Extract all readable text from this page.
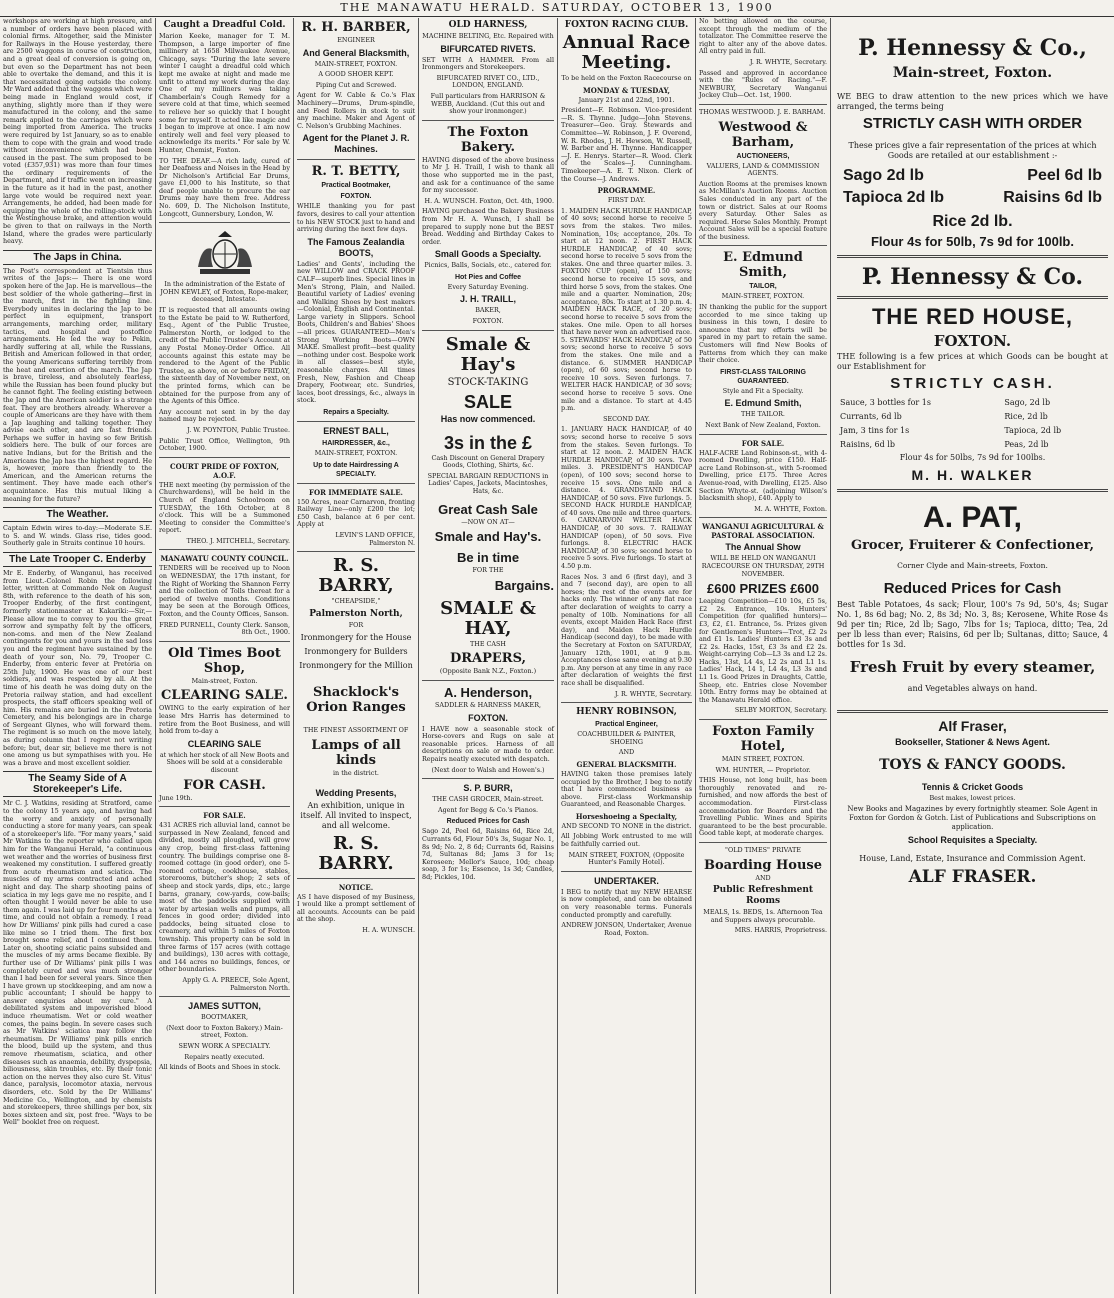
THE MANAWATU HERALD. SATURDAY, OCTOBER 13, 1900

workshops are working at high pressure, and a number of orders have been placed with colonial firms. Altogether, said the Minister for Railways in the House yesterday, there are 2500 waggons in course of construction, and a great deal of conversion is going on, but even so the Department has not been able to overtake the demand, and this it is that necessitated going outside the colony. Mr Ward added that the waggons which were being made in England would cost, if anything, slightly more than if they were manufactured in the colony, and the same remark applied to the carriages which were being imported from America. The trucks were required by 1st January, so as to enable them to cope with the grain and wood trade without inconvenience which had been caused in the past. The sum proposed to be voted (£357,931) was more than four times the ordinary requirements of the Department, and if traffic went on increasing in the future as it had in the past, another large vote would be required next year. Arrangements, he added, had been made for equipping the whole of the rolling-stock with the Westinghouse brake, and attention would be given to that on railways in the North Island, where the grades were particularly heavy.

The Japs in China.

The Post's correspondent at Tientsin thus writes of the Japs:— There is one word spoken here of the Jap. He is marvellous—the best soldier of the whole gathering—first in the march, first in the fighting line. Everybody unites in declaring the Jap to be perfect in equipment, transport arrangements, marching order, military tactics, and hospital and postoffice arrangements. He led the way to Pekin, hardly suffering at all, while the Russians, British and American followed in that order, the young Americans suffering terribly from the heat and exertion of the march. The Jap is brave, tireless, and absolutely fearless, while the Russian has been found plucky but he cannot fight. The feeling existing between the Jap and the American soldier is a strange feat. They are brothers already. Wherever a couple of Americans are they have with them a Jap laughing and talking together. They advise each other, and are fast friends. Perhaps we suffer in having so few British soldiers here. The bulk of our forces are native Indians, but for the British and the Americans the Jap has the highest regard. He is, however, more than friendly to the American, and the American returns the sentiment. They have made each other's acquaintance. Has this mutual liking a meaning for the future?

The Weather.

Captain Edwin wires to-day:—Moderate S.E. to S. and W. winds. Glass rise, tides good. Southerly gale in Straits continue 10 hours.

The Late Trooper C. Enderby

Mr E. Enderby, of Wanganui, has received from Lieut.-Colonel Robin the following letter, written at Commando Nek on August 8th, with reference to the death of his son, Trooper Enderby, of the first contingent, formerly stationmaster at Kakariki:—Sir,—Please allow me to convey to you the great sorrow and sympathy felt by the officers, non-coms. and men of the New Zealand contingents for you and yours in the sad loss you and the regiment have sustained by the death of your son, No. 79, Trooper C. Enderby, from enteric fever at Pretoria on 25th July, 1900. He was one of our best soldiers, and was respected by all. At the time of his death he was doing duty on the Pretoria railway station, and had excellent prospects, the staff officers speaking well of him. His remains are buried in the Pretoria Cemetery, and his belongings are in charge of Sergeant Glynes, who will forward them. The regiment is so much on the move lately, as during column that I regret not writing before; but, dear sir, believe me there is not one among us but sympathises with you. He was a brave and most excellent soldier.

The Seamy Side of A Storekeeper's Life.

Mr C. J. Watkins, residing at Stratford, came to the colony 15 years ago, and having had the worry and anxiety of personally conducting a store for many years, can speak of a storekeeper's life. "For many years," said Mr Watkins to the reporter who called upon him for the Wanganui Herald, "a continuous wet weather and the worries of business first weakened my constitution. I suffered greatly from acute rheumatism and sciatica. The muscles of my arms contracted and ached night and day. The sharp shooting pains of sciatica in my legs gave me no respite, and I often thought I would never be able to use them again. I was laid up for four months at a time, and could not obtain a remedy. I read how Dr Williams' pink pills had cured a case like mine so I tried them. The first box brought some relief, and I continued them. Later on, shooting sciatic pains subsided and the muscles of my arms became flexible. By further use of Dr Williams' pink pills I was completely cured and was much stronger than I had been for several years. Since then I have grown up stockkeeping, and am now a public accountant; I should be happy to answer enquiries about my cure." A debilitated system and impoverished blood induce rheumatism. Wet or cold weather comes, the pains begin. In severe cases such as Mr Watkins' sciatica may follow the rheumatism. Dr Williams' pink pills enrich the blood, build up the system, and thus remove rheumatism, sciatica, and other diseases such as anaemia, debility, dyspepsia, biliousness, skin troubles, etc. By their tonic action on the nerves they also cure St. Vitus' dance, paralysis, locomotor ataxia, nervous disorders, etc. Sold by the Dr Williams' Medicine Co., Wellington, and by chemists and storekeepers, three shillings per box, six boxes sixteen and six, post free. "Ways to be Well" booklet free on request.

Caught a Dreadful Cold.

Marion Keeke, manager for T. M. Thompson, a large importer of fine millinery at 1658 Milwaukee Avenue, Chicago, says: "During the late severe winter I caught a dreadful cold which kept me awake at night and made me unfit to attend my work during the day. One of my milliners was taking Chamberlain's Cough Remedy for a severe cold at that time, which seemed to relieve her so quickly that I bought some for myself. It acted like magic and I began to improve at once. I am now entirely well and feel very pleased to acknowledge its merits." For sale by W. Hunter, Chemist, Foxton.

TO THE DEAF.—A rich lady, cured of her Deafness and Noises in the Head by Dr Nicholson's Artificial Ear Drums, gave £1,000 to his Institute, so that deaf people unable to procure the ear Drums may have them free. Address No. 609, D. The Nicholson Institute, Longcott, Gunnersbury, London, W.

In the administration of the Estate of JOHN KEWLEY, of Foxton, Rope-maker, deceased, Intestate.

IT is requested that all amounts owing to the Estate be paid to W. Rutherford, Esq., Agent of the Public Trustee, Palmerston North, or lodged to the credit of the Public Trustee's Account at any Postal Money-Order Office. All accounts against this estate may be rendered to the Agent of the Public Trustee, as above, on or before FRIDAY, the sixteenth day of November next, on the printed forms, which can be obtained for the purpose from any of the Agents of this Office.

Any account not sent in by the day named may be rejected.

J. W. POYNTON, Public Trustee.

Public Trust Office, Wellington, 9th October, 1900.

COURT PRIDE OF FOXTON, A.O.F.

THE next meeting (by permission of the Churchwardens), will be held in the Church of England Schoolroom on TUESDAY, the 16th October, at 8 o'clock. This will be a Summoned Meeting to consider the Committee's report.

THEO. J. MITCHELL, Secretary.

MANAWATU COUNTY COUNCIL.

TENDERS will be received up to Noon on WEDNESDAY, the 17th instant, for the Right of Working the Shannon Ferry and the collection of Tolls thereat for a period of twelve months. Conditions may be seen at the Borough Offices, Foxton, and the County Offices, Sanson.

FRED PURNELL, County Clerk. Sanson, 8th Oct., 1900.

Old Times Boot Shop,
Main-street, Foxton.
CLEARING SALE.

OWING to the early expiration of her lease Mrs Harris has determined to retire from the Boot Business, and will hold from to-day a

CLEARING SALE

at which her stock of all New Boots and Shoes will be sold at a considerable discount

FOR CASH.
June 19th.
FOR SALE.

431 ACRES rich alluvial land, cannot be surpassed in New Zealand, fenced and divided, mostly all ploughed, will grow any crop, being first-class fattening country. The buildings comprise one 8-roomed cottage (in good order), one 5-roomed cottage, cookhouse, stables, storerooms, butcher's shop; 2 sets of sheep and stock yards, dips, etc.; large barns, granary, cow-yards, cow-bails; most of the paddocks supplied with water by artesian wells and pumps, all fences in good order; divided into paddocks, being situated close to creamery, and within 5 miles of Foxton township. This property can be sold in three farms of 157 acres (with cottage and buildings), 130 acres with cottage, and 144 acres no buildings, fences, or other boundaries.

Apply G. A. PREECE, Sole Agent, Palmerston North.

JAMES SUTTON,
BOOTMAKER,
(Next door to Foxton Bakery.) Main-street, Foxton.
SEWN WORK A SPECIALTY.
Repairs neatly executed.
All kinds of Boots and Shoes in stock.
R. H. BARBER,
ENGINEER
And General Blacksmith,
MAIN-STREET, FOXTON.
A GOOD SHOER KEPT.
Piping Cut and Screwed.

Agent for W. Cable & Co.'s Flax Machinery—Drums, Drum-spindle, and Feed Rollers in stock to suit any machine. Maker and Agent of C. Nelson's Grubbing Machines.

Agent for the Planet J. R. Machines.
R. T. BETTY,
Practical Bootmaker,
FOXTON.

WHILE thanking you for past favors, desires to call your attention to his NEW STOCK just to hand and arriving during the next few days.

The Famous Zealandia BOOTS,

Ladies' and Gents', including the new WILLOW and CRACK PROOF CALF—superb lines. Special lines in Men's Strong, Plain, and Nailed. Beautiful variety of Ladies' evening and Walking Shoes by best makers—Colonial, English and Continental. Large variety in Slippers. School Boots, Children's and Babies' Shoes—all prices. GUARANTEED—Men's Strong Working Boots—OWN MAKE. Smallest profit—best quality—nothing under cost. Bespoke work in all classes—best style, reasonable charges. All times Fresh, New, Fashion and Cheap Drapery, Footwear, etc. Sundries, laces, boot dressings, &c., always in stock.

Repairs a Specialty.
ERNEST BALL,
HAIRDRESSER, &c.,
MAIN-STREET, FOXTON.
Up to date Hairdressing A SPECIALTY.
FOR IMMEDIATE SALE.

150 Acres, near Carnarvon, fronting Railway Line—only £200 the lot; £50 Cash, balance at 6 per cent. Apply at

LEVIN'S LAND OFFICE, Palmerston N.

R. S. BARRY,
"CHEAPSIDE,"
Palmerston North,
FOR
Ironmongery for the House
Ironmongery for Builders
Ironmongery for the Million
Shacklock's Orion Ranges
THE FINEST ASSORTMENT OF
Lamps of all kinds
in the district.
Wedding Presents,

An exhibition, unique in itself. All invited to inspect, and all welcome.

R. S. BARRY.
NOTICE.

AS I have disposed of my Business, I would like a prompt settlement of all accounts. Accounts can be paid at the shop.

H. A. WUNSCH.

OLD HARNESS,
MACHINE BELTING, Etc. Repaired with
BIFURCATED RIVETS.

SET WITH A HAMMER. From all Ironmongers and Storekeepers.

BIFURCATED RIVET CO., LTD., LONDON, ENGLAND.
Full particulars from HARRISON & WEBB, Auckland. (Cut this out and show your ironmonger.)
The Foxton Bakery.

HAVING disposed of the above business to Mr J. H. Traill, I wish to thank all those who supported me in the past, and ask for a continuance of the same for my successor.

H. A. WUNSCH. Foxton, Oct. 4th, 1900.

HAVING purchased the Bakery Business from Mr H. A. Wunsch, I shall be prepared to supply none but the BEST Bread. Wedding and Birthday Cakes to order.

Small Goods a Specialty.
Picnics, Balls, Socials, etc., catered for.
Hot Pies and Coffee
Every Saturday Evening.
J. H. TRAILL,
BAKER,
FOXTON.
Smale & Hay's
STOCK-TAKING
SALE
Has now commenced.
3s in the £

Cash Discount on General Drapery Goods, Clothing, Shirts, &c.

SPECIAL BARGAIN REDUCTIONS in Ladies' Capes, Jackets, Macintoshes, Hats, &c.

Great Cash Sale
—NOW ON AT—
Smale and Hay's.
Be in time
FOR THE
Bargains.
SMALE & HAY,
THE CASH
DRAPERS,
(Opposite Bank N.Z., Foxton.)
A. Henderson,
SADDLER & HARNESS MAKER,
FOXTON.

I HAVE now a seasonable stock of Horse-covers and Rugs on sale at reasonable prices. Harness of all descriptions on sale or made to order. Repairs neatly executed with despatch.

(Next door to Walsh and Howen's.)
S. P. BURR,
THE CASH GROCER, Main-street.
Agent for Begg & Co.'s Pianos.
Reduced Prices for Cash

Sago 2d, Peel 6d, Raisins 6d, Rice 2d, Currants 6d, Flour 50's 3s, Sugar No. 1, 8s 9d; No. 2, 8 6d; Currants 6d, Raisins 7d, Sultanas 8d; Jams 3 for 1s; Keroseen; Mellor's Sauce, 10d; cheap soap, 3 for 1s; Essence, 1s 3d; Candles, 8d; Pickles, 10d.

FOXTON RACING CLUB.
Annual Race Meeting.
To be held on the Foxton Racecourse on
MONDAY & TUESDAY,
January 21st and 22nd, 1901.

President—F. Robinson. Vice-president—R. S. Thynne. Judge—John Stevens. Treasurer—Geo. Gray. Stewards and Committee—W. Robinson, J. F. Overend, W. R. Rhodes, J. H. Hewson, W. Russell, W. Barber and H. Thynne. Handicapper—J. E. Henrys. Starter—R. Wood. Clerk of the Scales—J. Cunningham. Timekeeper—A. E. T. Nixon. Clerk of the Course—J. Andrews.

PROGRAMME.
FIRST DAY.

1. MAIDEN HACK HURDLE HANDICAP, of 40 sovs; second horse to receive 5 sovs from the stakes. Two miles. Nomination, 10s; acceptance, 20s. To start at 12 noon. 2. FIRST HACK HURDLE HANDICAP, of 40 sovs; second horse to receive 5 sovs from the stakes. One and three quarter miles. 3. FOXTON CUP (open), of 150 sovs; second horse to receive 15 sovs, and third horse 5 sovs, from the stakes. One mile and a quarter. Nomination, 20s; acceptance, 80s. To start at 1.30 p.m. 4. MAIDEN HACK RACE, of 20 sovs; second horse to receive 5 sovs from the stakes. One mile. Open to all horses that have never won an advertised race. 5. STEWARDS' HACK HANDICAP, of 50 sovs; second horse to receive 5 sovs from the stakes. One mile and a distance. 6. SUMMER HANDICAP (open), of 60 sovs; second horse to receive 10 sovs. Seven furlongs. 7. WELTER HACK HANDICAP, of 30 sovs; second horse to receive 5 sovs. One mile and a distance. To start at 4.45 p.m.

SECOND DAY.

1. JANUARY HACK HANDICAP, of 40 sovs; second horse to receive 5 sovs from the stakes. Seven furlongs. To start at 12 noon. 2. MAIDEN HACK HURDLE HANDICAP, of 30 sovs. Two miles. 3. PRESIDENT'S HANDICAP (open), of 100 sovs; second horse to receive 15 sovs. One mile and a distance. 4. GRANDSTAND HACK HANDICAP, of 50 sovs. Five furlongs. 5. SECOND HACK HURDLE HANDICAP, of 40 sovs. One mile and three quarters. 6. CARNARVON WELTER HACK HANDICAP, of 30 sovs. 7. RAILWAY HANDICAP (open), of 50 sovs. Five furlongs. 8. ELECTRIC HACK HANDICAP, of 30 sovs; second horse to receive 5 sovs. Five furlongs. To start at 4.50 p.m.

Races Nos. 3 and 6 (first day), and 3 and 7 (second day), are open to all horses; the rest of the events are for hacks only. The winner of any flat race after declaration of weights to carry a penalty of 10lb. Nominations for all events, except Maiden Hack Race (first day), and Maiden Hack Hurdle Handicap (second day), to be made with the Secretary at Foxton on SATURDAY, January 12th, 1901, at 9 p.m. Acceptances close same evening at 9.30 p.m. Any person at any time in any race after declaration of weights the first race shall be disqualified.

J. R. WHYTE, Secretary.

HENRY ROBINSON,
Practical Engineer,
COACHBUILDER & PAINTER, SHOEING
AND
GENERAL BLACKSMITH.

HAVING taken those premises lately occupied by the Brother, I beg to notify that I have commenced business as above. First-class Workmanship Guaranteed, and Reasonable Charges.

Horseshoeing a Specialty,
AND SECOND TO NONE in the district.

All Jobbing Work entrusted to me will be faithfully carried out.

MAIN STREET, FOXTON, (Opposite Hunter's Family Hotel).
UNDERTAKER.

I BEG to notify that my NEW HEARSE is now completed, and can be obtained on very reasonable terms. Funerals conducted promptly and carefully.

ANDREW JONSON, Undertaker, Avenue Road, Foxton.

No betting allowed on the course, except through the medium of the totalizator. The Committee reserve the right to alter any of the above dates. All entry paid in full.

J. R. WHYTE, Secretary.

Passed and approved in accordance with the "Rules of Racing."—F. NEWBURY, Secretary Wanganui Jockey Club—Oct. 1st, 1900.

THOMAS WESTWOOD. J. E. BARHAM.
Westwood & Barham,
AUCTIONEERS,
VALUERS, LAND & COMMISSION AGENTS.

Auction Rooms at the premises known as McMillan's Auction Rooms. Auction Sales conducted in any part of the town or district. Sales at our Rooms every Saturday. Other Sales as required. Horse Sales Monthly. Prompt Account Sales will be a special feature of the business.

E. Edmund Smith,
TAILOR,
MAIN-STREET, FOXTON.

IN thanking the public for the support accorded to me since taking up business in this town, I desire to announce that my efforts will be spared in my part to retain the same. Customers will find New Books of Patterns from which they can make their choice.

FIRST-CLASS TAILORING GUARANTEED.
Style and Fit a Specialty.
E. Edmund Smith,
THE TAILOR.
Next Bank of New Zealand, Foxton.
FOR SALE.

HALF-ACRE Land Robinson-st., with 4-roomed Dwelling, price £150. Half-acre Land Robinson-st., with 5-roomed Dwelling, price £175. Three Acres Avenue-road, with Dwelling, £125. Also Section Whyte-st. (adjoining Wilson's blacksmith shop), £40. Apply to

M. A. WHYTE, Foxton.

WANGANUI AGRICULTURAL & PASTORAL ASSOCIATION.
The Annual Show
WILL BE HELD ON WANGANUI RACECOURSE ON THURSDAY, 29TH NOVEMBER.
£600 PRIZES £600

Leaping Competition—£10 10s, £5 5s, £2 2s. Entrance, 10s. Hunters' Competition (for qualified hunters)—£3, £2, £1. Entrance, 5s. Prizes given for Gentlemen's Hunters—Trot, £2 2s and £1 1s. Ladies' Hunters £3 3s and £2 2s. Hacks, 15st, £3 3s and £2 2s. Weight-carrying Cob—L3 3s and L2 2s. Hacks, 13st, L4 4s, L2 2s and L1 1s. Ladies' Hack, 14 1, L4 4s, L3 3s and L1 1s. Good Prizes in Draughts, Cattle, Sheep, etc. Entries close November 10th. Entry forms may be obtained at the Manawatu Herald office.

SELBY MORTON, Secretary.

Foxton Family Hotel,
MAIN STREET, FOXTON.
WM. HUNTER, — Proprietor.

THIS House, not long built, has been thoroughly renovated and re-furnished, and now affords the best of accommodation. First-class accommodation for Boarders and the Travelling Public. Wines and Spirits guaranteed to be the best procurable. Good table kept, at moderate charges.

"OLD TIMES" PRIVATE
Boarding House
AND
Public Refreshment Rooms

MEALS, 1s. BEDS, 1s. Afternoon Tea and Suppers always procurable.

MRS. HARRIS, Proprietress.

P. Hennessy & Co.,
Main-street, Foxton.

WE BEG to draw attention to the new prices which we have arranged, the terms being

STRICTLY CASH WITH ORDER

These prices give a fair representation of the prices at which Goods are retailed at our establishment :-

Sago 2d lb	Peel 6d lb
Tapioca 2d lb	Raisins 6d lb
Rice 2d lb.
Flour 4s for 50lb, 7s 9d for 100lb.
P. Hennessy & Co.
THE RED HOUSE,
FOXTON.

THE following is a few prices at which Goods can be bought at our Establishment for

STRICTLY CASH.
Sauce, 3 bottles for 1s	Sago, 2d lb
Currants, 6d lb	Rice, 2d lb
Jam, 3 tins for 1s	Tapioca, 2d lb
Raisins, 6d lb	Peas, 2d lb
Flour 4s for 50lbs, 7s 9d for 100lbs.
M. H. WALKER
A. PAT,
Grocer, Fruiterer & Confectioner,
Corner Clyde and Main-streets, Foxton.
Reduced Prices for Cash

Best Table Potatoes, 4s sack; Flour, 100's 7s 9d, 50's, 4s; Sugar No. 1, 8s 6d bag; No. 2, 8s 3d; No. 3, 8s; Kerosene, White Rose 4s 9d per tin; Rice, 2d lb; Sago, 7lbs for 1s; Tapioca, ditto; Tea, 2d per lb less than ever; Raisins, 6d per lb; Sultanas, ditto; Sauce, 4 bottles for 1s 3d.

Fresh Fruit by every steamer,
and Vegetables always on hand.
Alf Fraser,
Bookseller, Stationer & News Agent.
TOYS & FANCY GOODS.
Tennis & Cricket Goods
Best makes, lowest prices.

New Books and Magazines by every fortnightly steamer. Sole Agent in Foxton for Gordon & Gotch. List of Publications and Subscriptions on application.

School Requisites a Specialty.

House, Land, Estate, Insurance and Commission Agent.

ALF FRASER.
